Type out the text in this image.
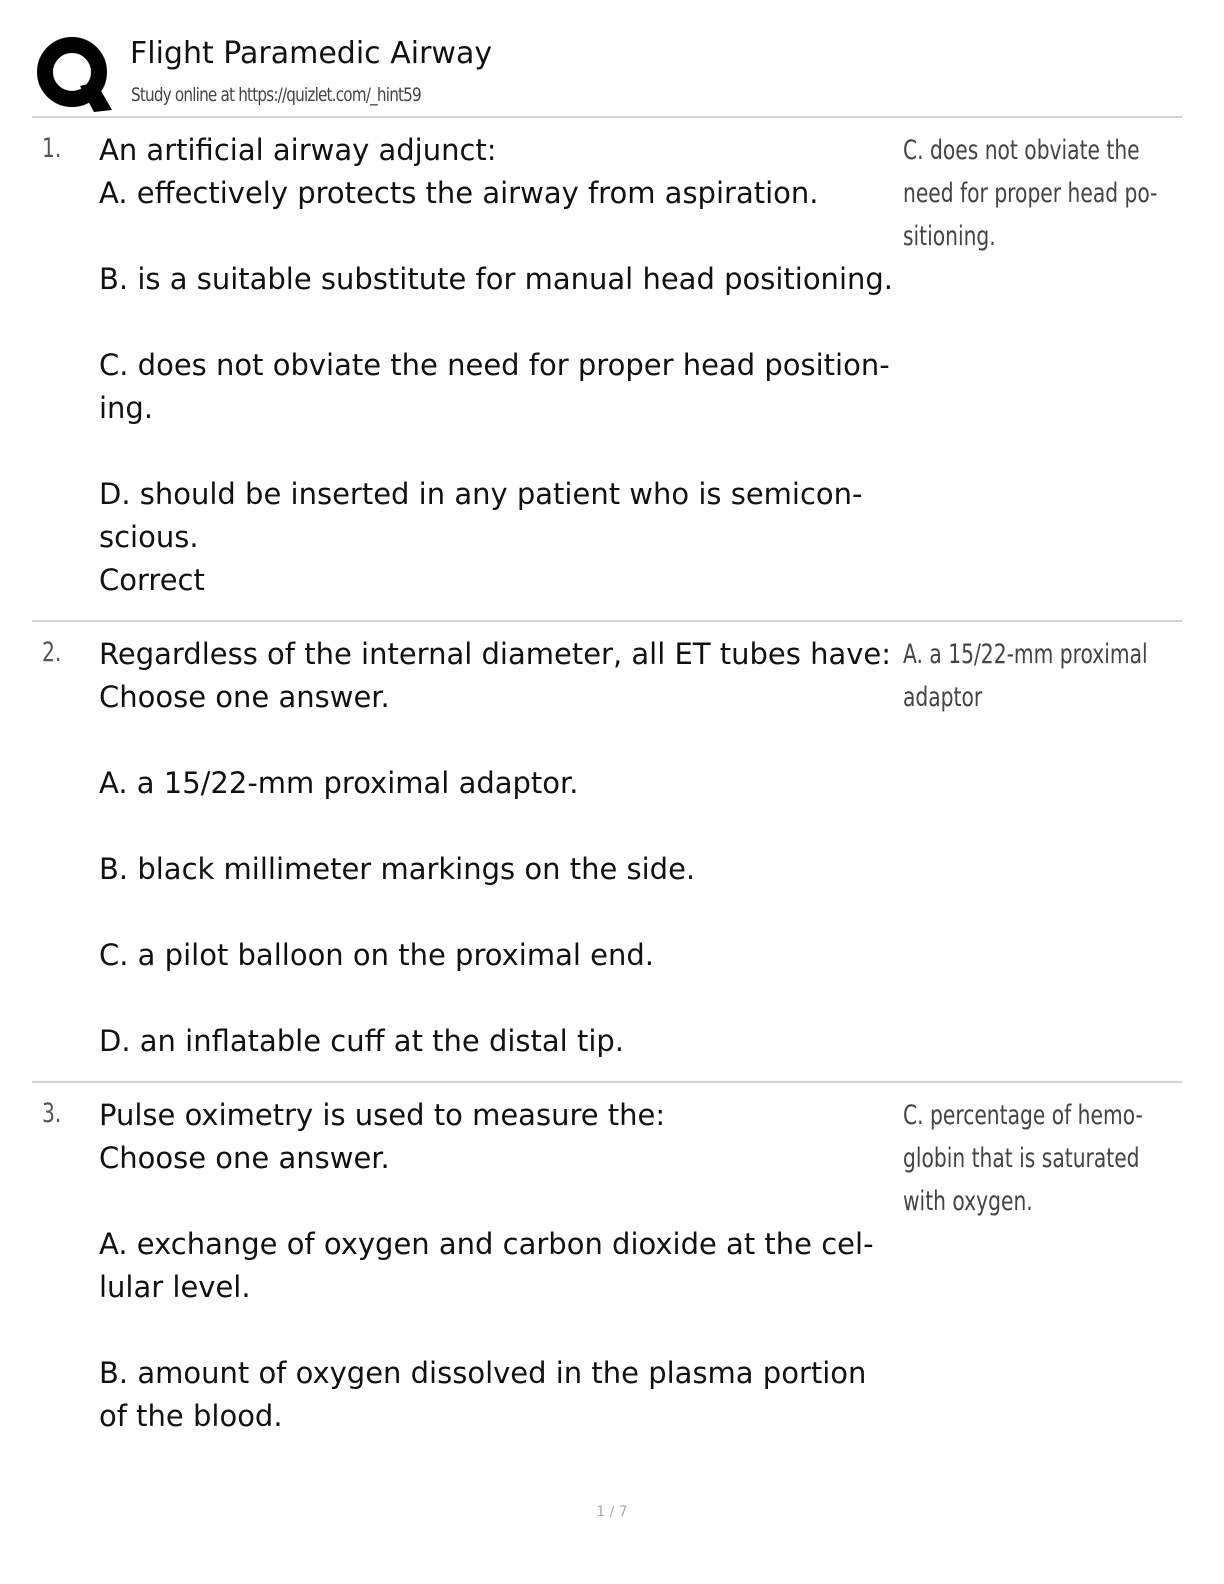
Flight Paramedic Airway
Study online at https://quizlet.com/_hint59
1. An artificial airway adjunct:
A. effectively protects the airway from aspiration.
B. is a suitable substitute for manual head positioning.
C. does not obviate the need for proper head position-
ing.
D. should be inserted in any patient who is semicon-
scious.
Correct
C. does not obviate the
need for proper head po-
sitioning.
2. Regardless of the internal diameter, all ET tubes have:
Choose one answer.
A. a 15/22-mm proximal adaptor.
B. black millimeter markings on the side.
C. a pilot balloon on the proximal end.
D. an inflatable cuff at the distal tip.
A. a 15/22-mm proximal
adaptor
3. Pulse oximetry is used to measure the:
Choose one answer.
A. exchange of oxygen and carbon dioxide at the cel-
lular level.
B. amount of oxygen dissolved in the plasma portion
of the blood.
C. percentage of hemo-
globin that is saturated
with oxygen.
1 / 7
